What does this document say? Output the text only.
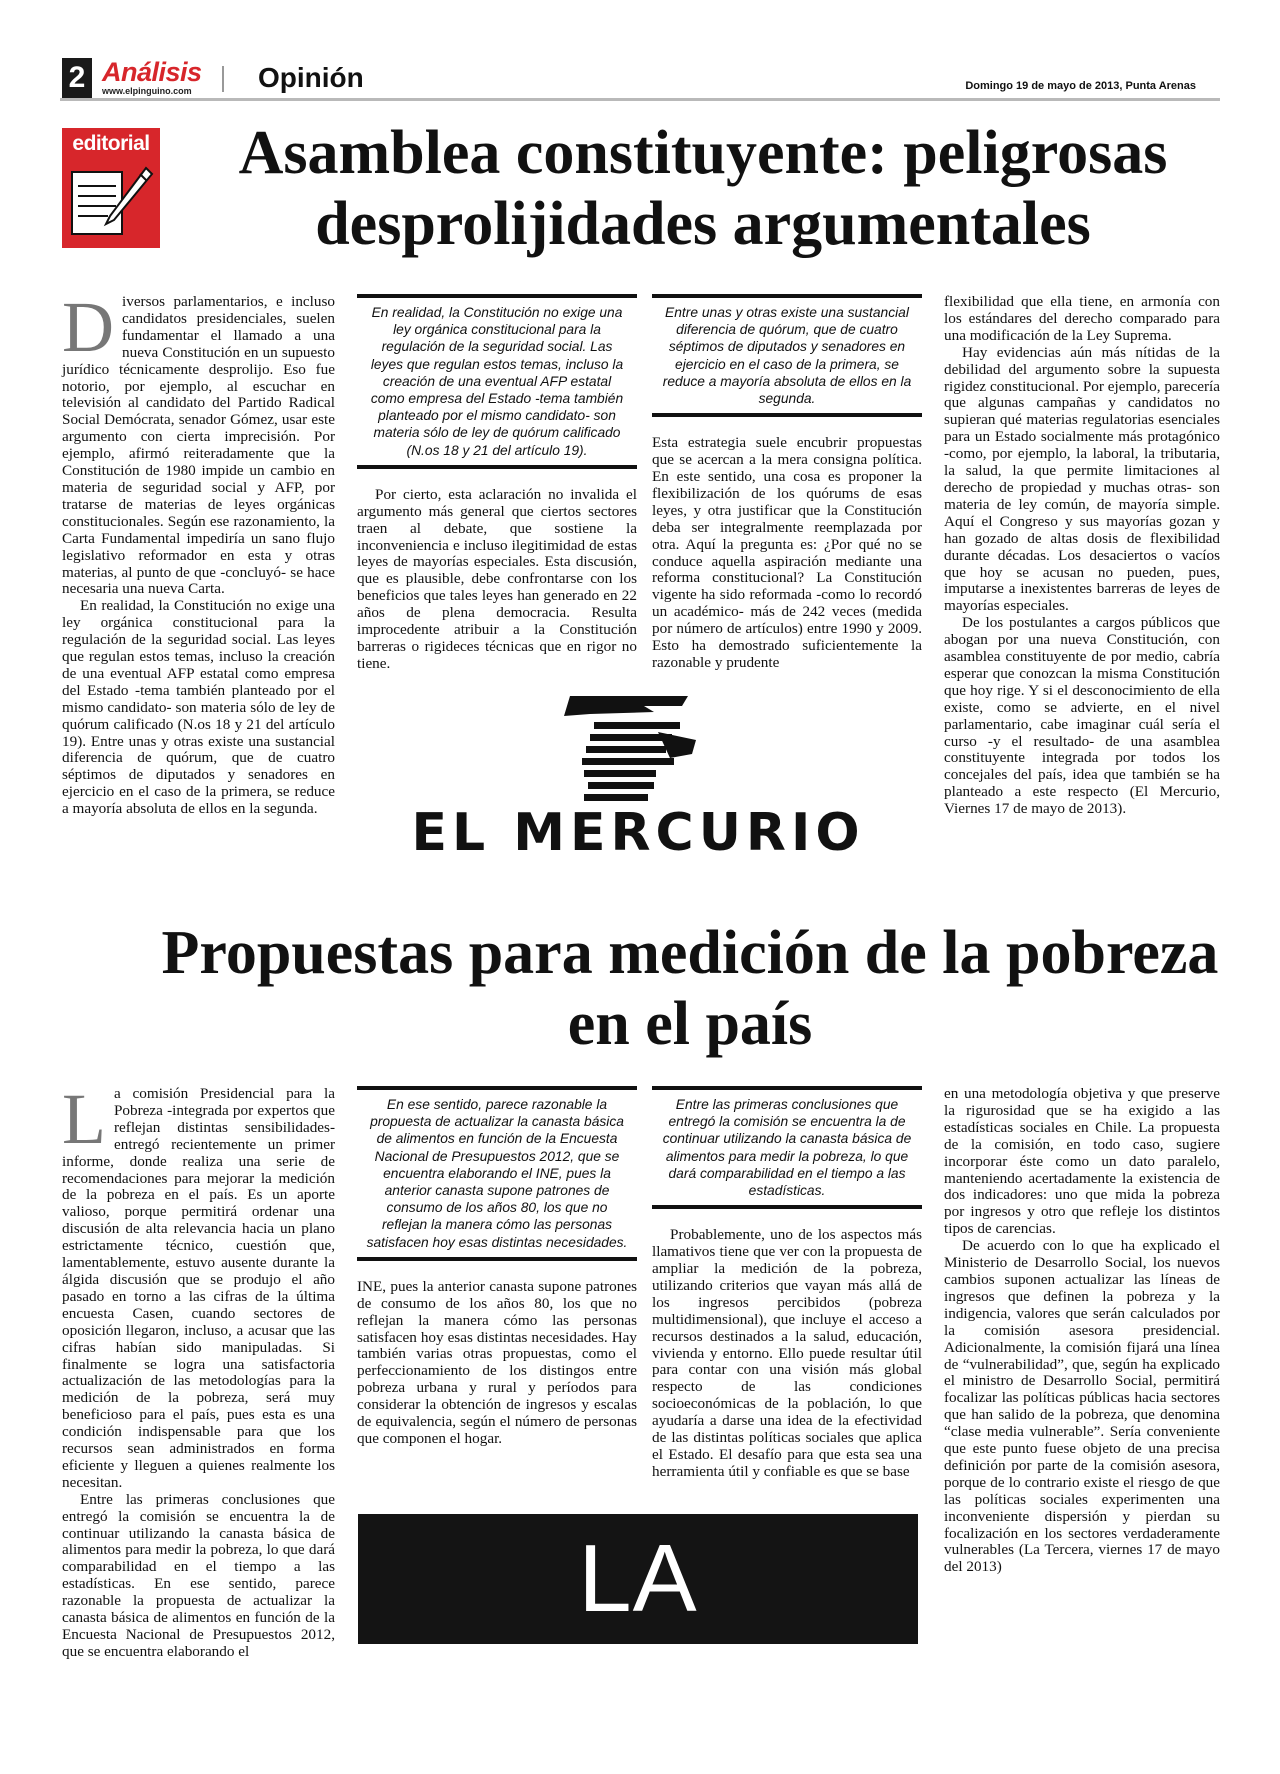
2 Análisis
www.elpinguino.com	Opinión	Domingo 19 de mayo de 2013, Punta Arenas
editorial	Asamblea constituyente: peligrosas desprolijidades argumentales
D iversos parlamentarios, e incluso candidatos presidenciales, suelen fundamentar el llamado a una nueva Constitución en un supuesto jurídico técnicamente desprolijo. Eso fue notorio, por ejemplo, al escuchar en televisión al candidato del Partido Radical Social Demócrata, senador Gómez, usar este argumento con cierta imprecisión. Por ejemplo, afirmó reiteradamente que la Constitución de 1980 impide un cambio en materia de seguridad social y AFP, por tratarse de materias de leyes orgánicas constitucionales. Según ese razonamiento, la Carta Fundamental impediría un sano flujo legislativo reformador en esta y otras materias, al punto de que -concluyó- se hace necesaria una nueva Carta.

En realidad, la Constitución no exige una ley orgánica constitucional para la regulación de la seguridad social. Las leyes que regulan estos temas, incluso la creación de una eventual AFP estatal como empresa del Estado -tema también planteado por el mismo candidato- son materia sólo de ley de quórum calificado (N.os 18 y 21 del artículo 19). Entre unas y otras existe una sustancial diferencia de quórum, que de cuatro séptimos de diputados y senadores en ejercicio en el caso de la primera, se reduce a mayoría absoluta de ellos en la segunda.

En realidad, la Constitución no exige una ley orgánica constitucional para la regulación de la seguridad social. Las leyes que regulan estos temas, incluso la creación de una eventual AFP estatal como empresa del Estado -tema también planteado por el mismo candidato- son materia sólo de ley de quórum calificado (N.os 18 y 21 del artículo 19).

Por cierto, esta aclaración no invalida el argumento más general que ciertos sectores traen al debate, que sostiene la inconveniencia e incluso ilegitimidad de estas leyes de mayorías especiales. Esta discusión, que es plausible, debe confrontarse con los beneficios que tales leyes han generado en 22 años de plena democracia. Resulta improcedente atribuir a la Constitución barreras o rigideces técnicas que en rigor no tiene.

Entre unas y otras existe una sustancial diferencia de quórum, que de cuatro séptimos de diputados y senadores en ejercicio en el caso de la primera, se reduce a mayoría absoluta de ellos en la segunda.

Esta estrategia suele encubrir propuestas que se acercan a la mera consigna política. En este sentido, una cosa es proponer la flexibilización de los quórums de esas leyes, y otra justificar que la Constitución deba ser integralmente reemplazada por otra. Aquí la pregunta es: ¿Por qué no se conduce aquella aspiración mediante una reforma constitucional? La Constitución vigente ha sido reformada -como lo recordó un académico- más de 242 veces (medida por número de artículos) entre 1990 y 2009. Esto ha demostrado suficientemente la razonable y prudente

flexibilidad que ella tiene, en armonía con los estándares del derecho comparado para una modificación de la Ley Suprema.

Hay evidencias aún más nítidas de la debilidad del argumento sobre la supuesta rigidez constitucional. Por ejemplo, parecería que algunas campañas y candidatos no supieran qué materias regulatorias esenciales para un Estado socialmente más protagónico -como, por ejemplo, la laboral, la tributaria, la salud, la que permite limitaciones al derecho de propiedad y muchas otras- son materia de ley común, de mayoría simple. Aquí el Congreso y sus mayorías gozan y han gozado de altas dosis de flexibilidad durante décadas. Los desaciertos o vacíos que hoy se acusan no pueden, pues, imputarse a inexistentes barreras de leyes de mayorías especiales.

De los postulantes a cargos públicos que abogan por una nueva Constitución, con asamblea constituyente de por medio, cabría esperar que conozcan la misma Constitución que hoy rige. Y si el desconocimiento de ella existe, como se advierte, en el nivel parlamentario, cabe imaginar cuál sería el curso -y el resultado- de una asamblea constituyente integrada por todos los concejales del país, idea que también se ha planteado a este respecto (El Mercurio, Viernes 17 de mayo de 2013).

EL MERCURIO
Propuestas para medición de la pobreza en el país
L a comisión Presidencial para la Pobreza -integrada por expertos que reflejan distintas sensibilidades- entregó recientemente un primer informe, donde realiza una serie de recomendaciones para mejorar la medición de la pobreza en el país. Es un aporte valioso, porque permitirá ordenar una discusión de alta relevancia hacia un plano estrictamente técnico, cuestión que, lamentablemente, estuvo ausente durante la álgida discusión que se produjo el año pasado en torno a las cifras de la última encuesta Casen, cuando sectores de oposición llegaron, incluso, a acusar que las cifras habían sido manipuladas. Si finalmente se logra una satisfactoria actualización de las metodologías para la medición de la pobreza, será muy beneficioso para el país, pues esta es una condición indispensable para que los recursos sean administrados en forma eficiente y lleguen a quienes realmente los necesitan.

Entre las primeras conclusiones que entregó la comisión se encuentra la de continuar utilizando la canasta básica de alimentos para medir la pobreza, lo que dará comparabilidad en el tiempo a las estadísticas. En ese sentido, parece razonable la propuesta de actualizar la canasta básica de alimentos en función de la Encuesta Nacional de Presupuestos 2012, que se encuentra elaborando el

En ese sentido, parece razonable la propuesta de actualizar la canasta básica de alimentos en función de la Encuesta Nacional de Presupuestos 2012, que se encuentra elaborando el INE, pues la anterior canasta supone patrones de consumo de los años 80, los que no reflejan la manera cómo las personas satisfacen hoy esas distintas necesidades.

INE, pues la anterior canasta supone patrones de consumo de los años 80, los que no reflejan la manera cómo las personas satisfacen hoy esas distintas necesidades. Hay también varias otras propuestas, como el perfeccionamiento de los distingos entre pobreza urbana y rural y períodos para considerar la obtención de ingresos y escalas de equivalencia, según el número de personas que componen el hogar.

Entre las primeras conclusiones que entregó la comisión se encuentra la de continuar utilizando la canasta básica de alimentos para medir la pobreza, lo que dará comparabilidad en el tiempo a las estadísticas.

Probablemente, uno de los aspectos más llamativos tiene que ver con la propuesta de ampliar la medición de la pobreza, utilizando criterios que vayan más allá de los ingresos percibidos (pobreza multidimensional), que incluye el acceso a recursos destinados a la salud, educación, vivienda y entorno. Ello puede resultar útil para contar con una visión más global respecto de las condiciones socioeconómicas de la población, lo que ayudaría a darse una idea de la efectividad de las distintas políticas sociales que aplica el Estado. El desafío para que esta sea una herramienta útil y confiable es que se base

en una metodología objetiva y que preserve la rigurosidad que se ha exigido a las estadísticas sociales en Chile. La propuesta de la comisión, en todo caso, sugiere incorporar éste como un dato paralelo, manteniendo acertadamente la existencia de dos indicadores: uno que mida la pobreza por ingresos y otro que refleje los distintos tipos de carencias.

De acuerdo con lo que ha explicado el Ministerio de Desarrollo Social, los nuevos cambios suponen actualizar las líneas de ingresos que definen la pobreza y la indigencia, valores que serán calculados por la comisión asesora presidencial. Adicionalmente, la comisión fijará una línea de “vulnerabilidad”, que, según ha explicado el ministro de Desarrollo Social, permitirá focalizar las políticas públicas hacia sectores que han salido de la pobreza, que denomina “clase media vulnerable”. Sería conveniente que este punto fuese objeto de una precisa definición por parte de la comisión asesora, porque de lo contrario existe el riesgo de que las políticas sociales experimenten una inconveniente dispersión y pierdan su focalización en los sectores verdaderamente vulnerables (La Tercera, viernes 17 de mayo del 2013)

LA TERCERA
